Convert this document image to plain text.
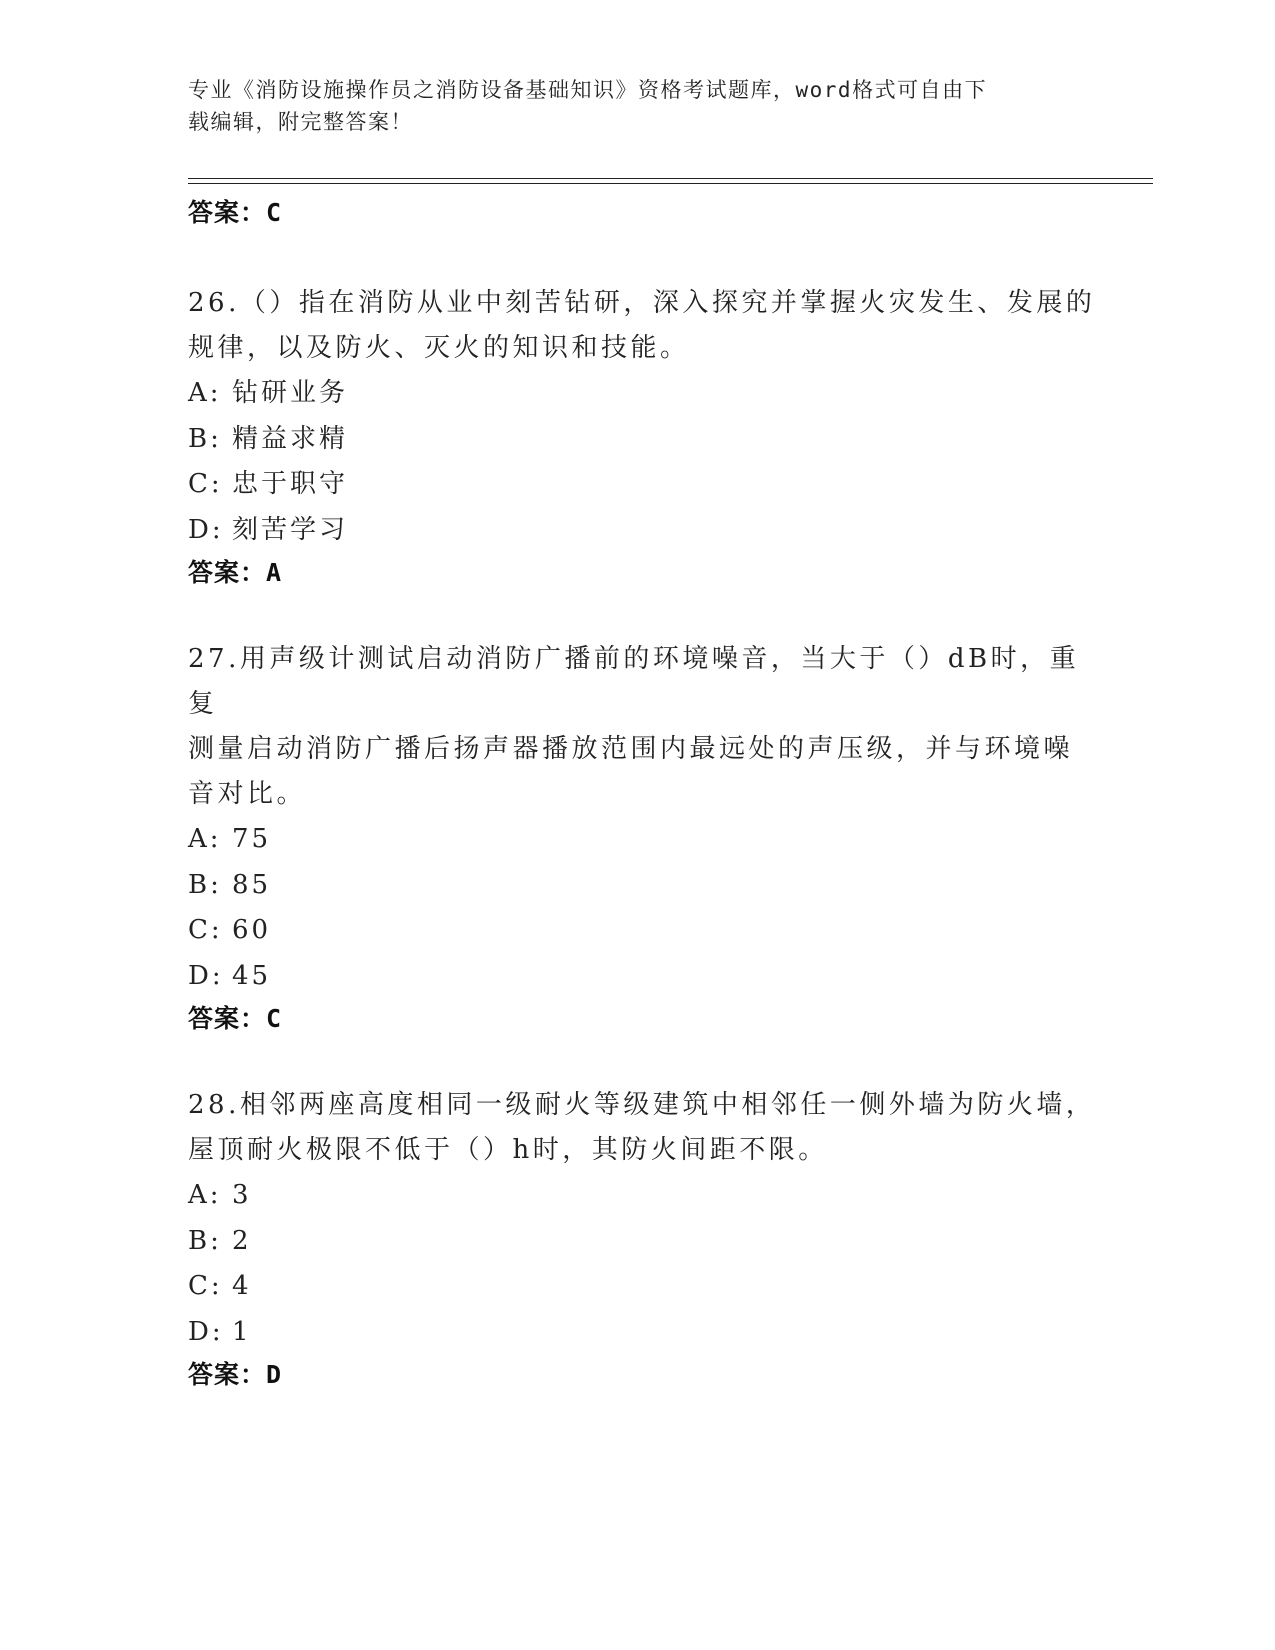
专业《消防设施操作员之消防设备基础知识》资格考试题库，word格式可自由下
载编辑，附完整答案！
答案：C
26.（）指在消防从业中刻苦钻研，深入探究并掌握火灾发生、发展的
规律，以及防火、灭火的知识和技能。
A: 钻研业务
B: 精益求精
C: 忠于职守
D: 刻苦学习
答案：A
27.用声级计测试启动消防广播前的环境噪音，当大于（）dB时，重复
测量启动消防广播后扬声器播放范围内最远处的声压级，并与环境噪
音对比。
A: 75
B: 85
C: 60
D: 45
答案：C
28.相邻两座高度相同一级耐火等级建筑中相邻任一侧外墙为防火墙，
屋顶耐火极限不低于（）h时，其防火间距不限。
A: 3
B: 2
C: 4
D: 1
答案：D
